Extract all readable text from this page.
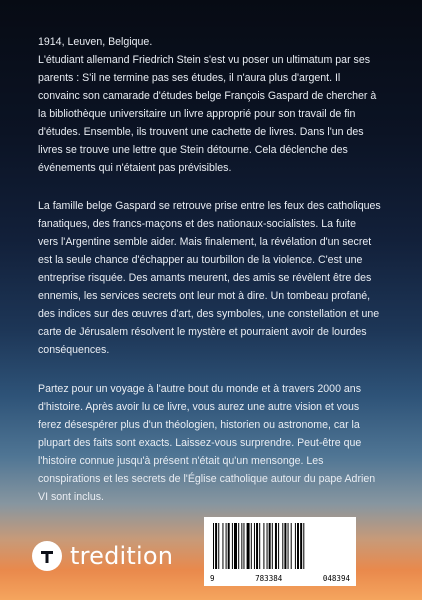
1914, Leuven, Belgique.
L'étudiant allemand Friedrich Stein s'est vu poser un ultimatum par ses
parents : S'il ne termine pas ses études, il n'aura plus d'argent. Il
convainc son camarade d'études belge François Gaspard de chercher à
la bibliothèque universitaire un livre approprié pour son travail de fin
d'études. Ensemble, ils trouvent une cachette de livres. Dans l'un des
livres se trouve une lettre que Stein détourne. Cela déclenche des
événements qui n'étaient pas prévisibles.

La famille belge Gaspard se retrouve prise entre les feux des catholiques
fanatiques, des francs-maçons et des nationaux-socialistes. La fuite
vers l'Argentine semble aider. Mais finalement, la révélation d'un secret
est la seule chance d'échapper au tourbillon de la violence. C'est une
entreprise risquée. Des amants meurent, des amis se révèlent être des
ennemis, les services secrets ont leur mot à dire. Un tombeau profané,
des indices sur des œuvres d'art, des symboles, une constellation et une
carte de Jérusalem résolvent le mystère et pourraient avoir de lourdes
conséquences.

Partez pour un voyage à l'autre bout du monde et à travers 2000 ans
d'histoire. Après avoir lu ce livre, vous aurez une autre vision et vous
ferez désespérer plus d'un théologien, historien ou astronome, car la
plupart des faits sont exacts. Laissez-vous surprendre. Peut-être que
l'histoire connue jusqu'à présent n'était qu'un mensonge. Les
conspirations et les secrets de l'Église catholique autour du pape Adrien
VI sont inclus.

tredition
9	783384	048394
